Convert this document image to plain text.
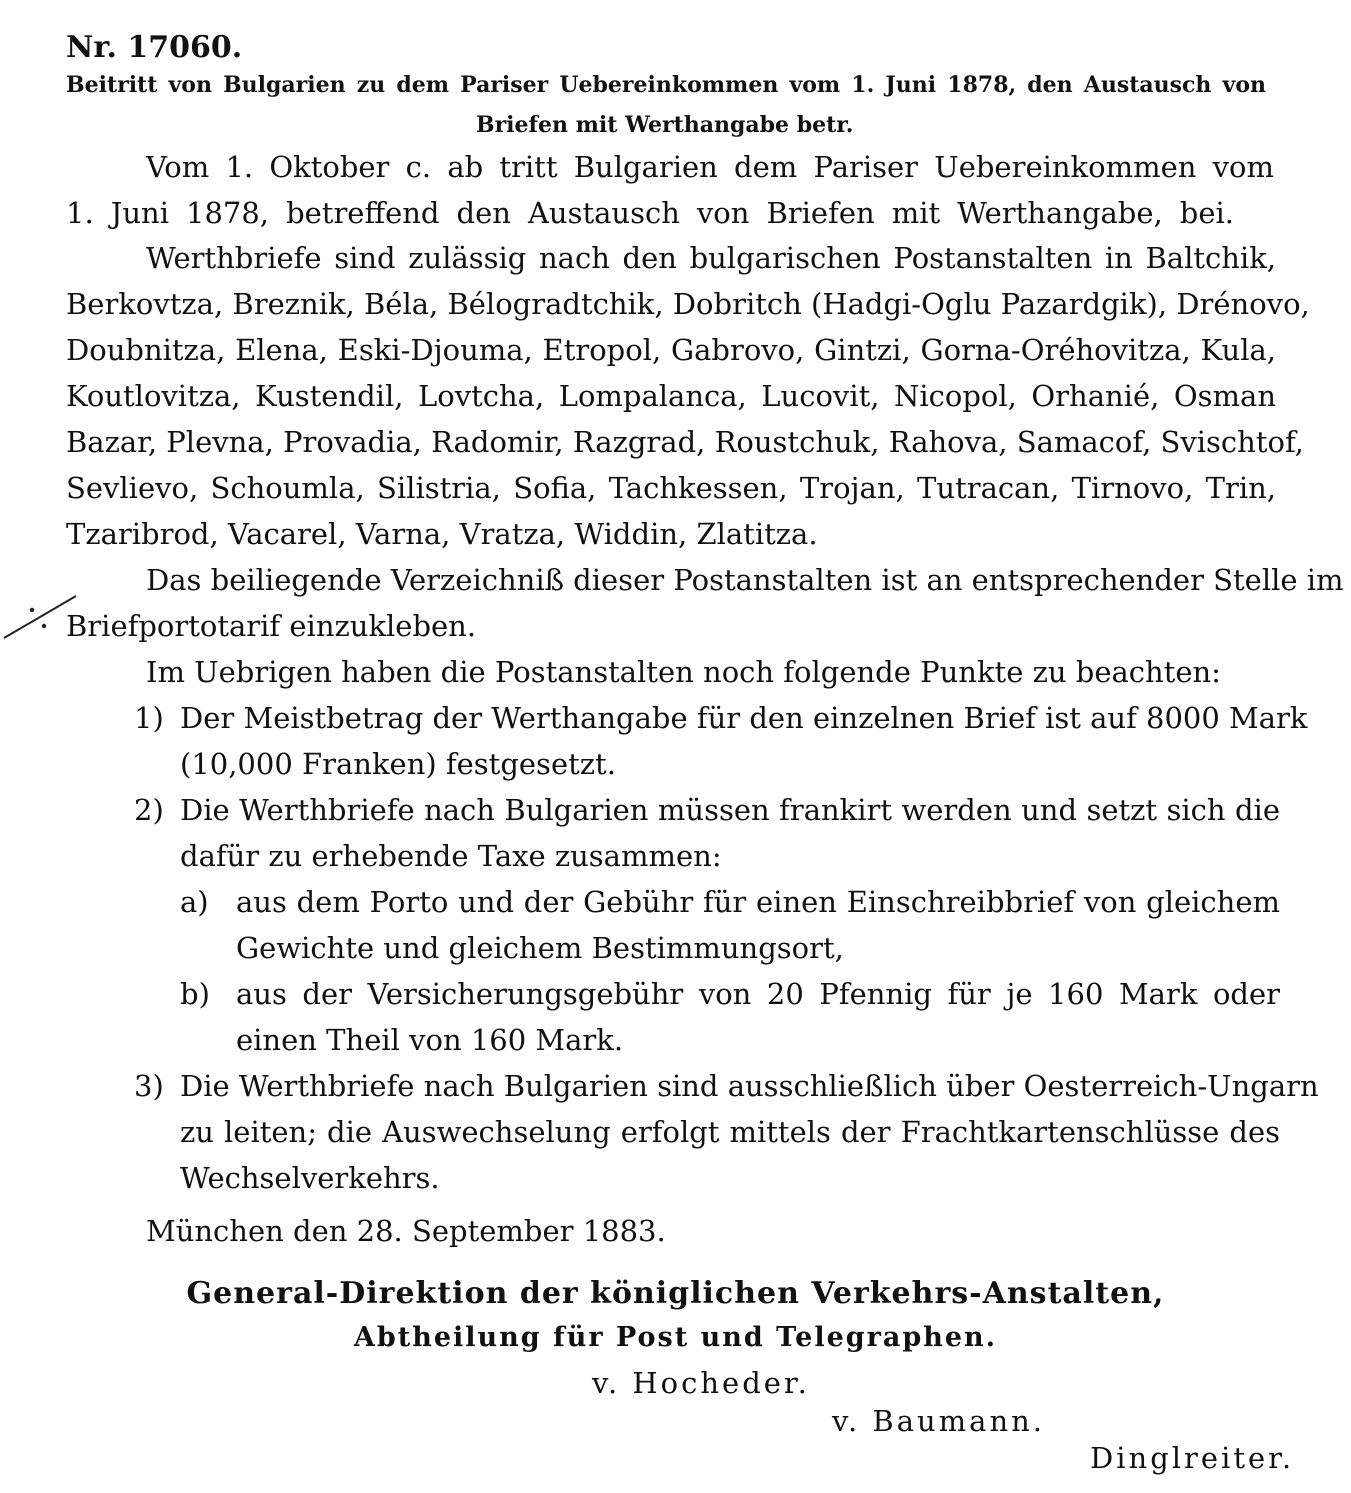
Nr. 17060.
Beitritt von Bulgarien zu dem Pariser Uebereinkommen vom 1. Juni 1878, den Austausch von
Briefen mit Werthangabe betr.
Vom 1. Oktober c. ab tritt Bulgarien dem Pariser Uebereinkommen vom
1. Juni 1878, betreffend den Austausch von Briefen mit Werthangabe, bei.
Werthbriefe sind zulässig nach den bulgarischen Postanstalten in Baltchik,
Berkovtza, Breznik, Béla, Bélogradtchik, Dobritch (Hadgi-Oglu Pazardgik), Drénovo,
Doubnitza, Elena, Eski-Djouma, Etropol, Gabrovo, Gintzi, Gorna-Oréhovitza, Kula,
Koutlovitza, Kustendil, Lovtcha, Lompalanca, Lucovit, Nicopol, Orhanié, Osman
Bazar, Plevna, Provadia, Radomir, Razgrad, Roustchuk, Rahova, Samacof, Svischtof,
Sevlievo, Schoumla, Silistria, Sofia, Tachkessen, Trojan, Tutracan, Tirnovo, Trin,
Tzaribrod, Vacarel, Varna, Vratza, Widdin, Zlatitza.
Das beiliegende Verzeichniß dieser Postanstalten ist an entsprechender Stelle im
Briefportotarif einzukleben.
Im Uebrigen haben die Postanstalten noch folgende Punkte zu beachten:
1) Der Meistbetrag der Werthangabe für den einzelnen Brief ist auf 8000 Mark
(10,000 Franken) festgesetzt.
2) Die Werthbriefe nach Bulgarien müssen frankirt werden und setzt sich die
dafür zu erhebende Taxe zusammen:
a) aus dem Porto und der Gebühr für einen Einschreibbrief von gleichem
Gewichte und gleichem Bestimmungsort,
b) aus der Versicherungsgebühr von 20 Pfennig für je 160 Mark oder
einen Theil von 160 Mark.
3) Die Werthbriefe nach Bulgarien sind ausschließlich über Oesterreich-Ungarn
zu leiten; die Auswechselung erfolgt mittels der Frachtkartenschlüsse des
Wechselverkehrs.
München den 28. September 1883.
General-Direktion der königlichen Verkehrs-Anstalten,
Abtheilung für Post und Telegraphen.
v. Hocheder.
v. Baumann.
Dinglreiter.
